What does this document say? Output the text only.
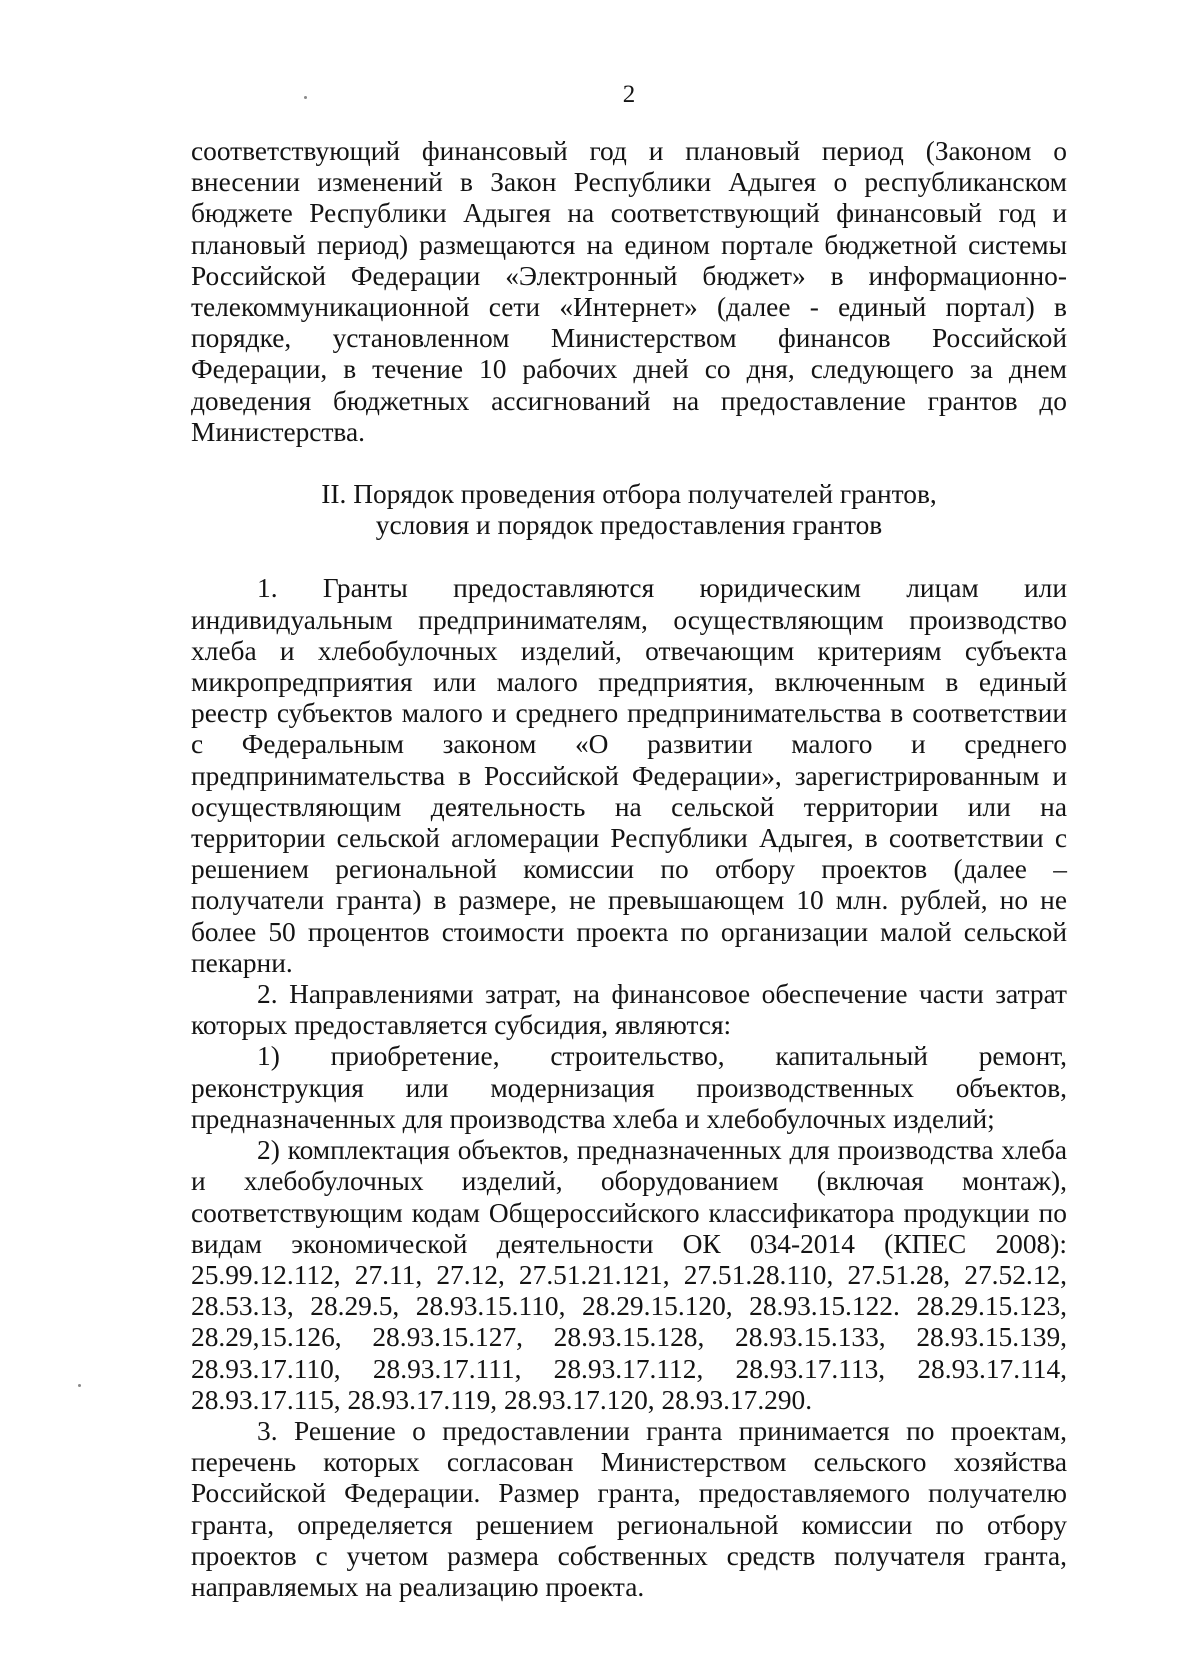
2

соответствующий финансовый год и плановый период (Законом о внесении изменений в Закон Республики Адыгея о республиканском бюджете Республики Адыгея на соответствующий финансовый год и плановый период) размещаются на едином портале бюджетной системы Российской Федерации «Электронный бюджет» в информационно-телекоммуникационной сети «Интернет» (далее - единый портал) в порядке, установленном Министерством финансов Российской Федерации, в течение 10 рабочих дней со дня, следующего за днем доведения бюджетных ассигнований на предоставление грантов до Министерства.

II. Порядок проведения отбора получателей грантов,
условия и порядок предоставления грантов

1. Гранты предоставляются юридическим лицам или индивидуальным предпринимателям, осуществляющим производство хлеба и хлебобулочных изделий, отвечающим критериям субъекта микропредприятия или малого предприятия, включенным в единый реестр субъектов малого и среднего предпринимательства в соответствии с Федеральным законом «О развитии малого и среднего предпринимательства в Российской Федерации», зарегистрированным и осуществляющим деятельность на сельской территории или на территории сельской агломерации Республики Адыгея, в соответствии с решением региональной комиссии по отбору проектов (далее – получатели гранта) в размере, не превышающем 10 млн. рублей, но не более 50 процентов стоимости проекта по организации малой сельской пекарни.

2. Направлениями затрат, на финансовое обеспечение части затрат которых предоставляется субсидия, являются:

1) приобретение, строительство, капитальный ремонт, реконструкция или модернизация производственных объектов, предназначенных для производства хлеба и хлебобулочных изделий;

2) комплектация объектов, предназначенных для производства хлеба и хлебобулочных изделий, оборудованием (включая монтаж), соответствующим кодам Общероссийского классификатора продукции по видам экономической деятельности ОК 034-2014 (КПЕС 2008): 25.99.12.112, 27.11, 27.12, 27.51.21.121, 27.51.28.110, 27.51.28, 27.52.12, 28.53.13, 28.29.5, 28.93.15.110, 28.29.15.120, 28.93.15.122. 28.29.15.123, 28.29,15.126, 28.93.15.127, 28.93.15.128, 28.93.15.133, 28.93.15.139, 28.93.17.110, 28.93.17.111, 28.93.17.112, 28.93.17.113, 28.93.17.114, 28.93.17.115, 28.93.17.119, 28.93.17.120, 28.93.17.290.

3. Решение о предоставлении гранта принимается по проектам, перечень которых согласован Министерством сельского хозяйства Российской Федерации. Размер гранта, предоставляемого получателю гранта, определяется решением региональной комиссии по отбору проектов с учетом размера собственных средств получателя гранта, направляемых на реализацию проекта.
